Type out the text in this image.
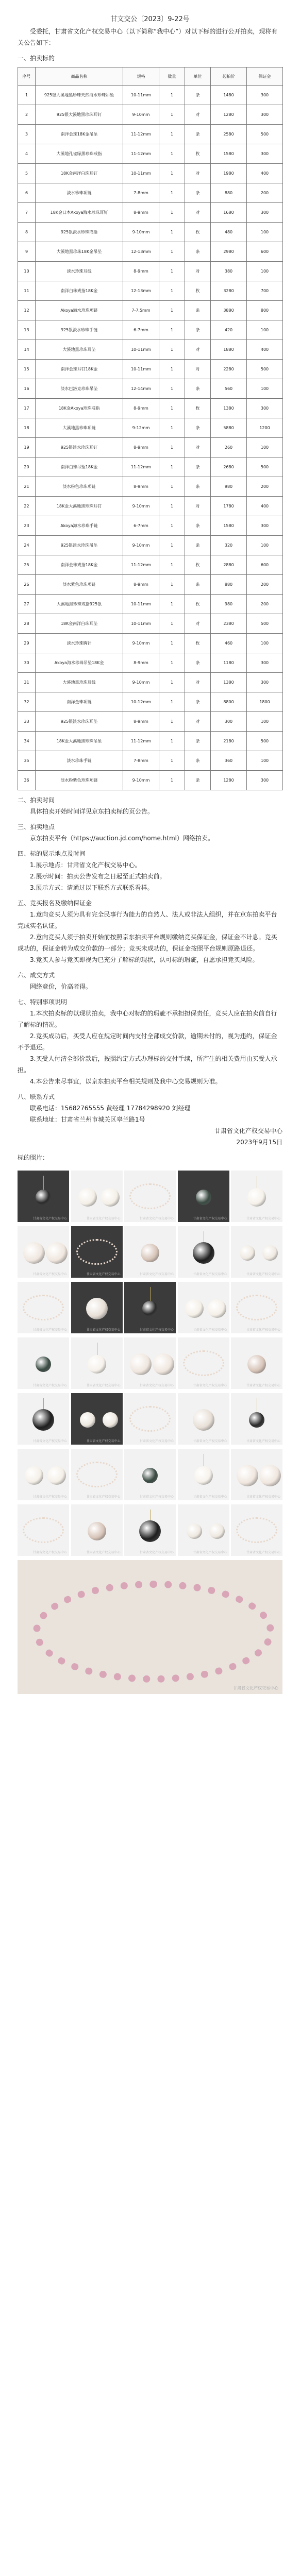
甘文交公〔2023〕9-22号
受委托，甘肃省文化产权交易中心（以下简称“我中心”）对以下标的进行公开拍卖，现将有关公告如下：
一、拍卖标的
序号	商品名称	规格	数量	单位	起拍价	保证金
1	925银大溪地黑珍珠天然海水珍珠吊坠	10-11mm	1	条	1480	300
2	925银大溪地黑珍珠耳钉	9-10mm	1	对	1280	300
3	南洋金珠18K金吊坠	11-12mm	1	条	2580	500
4	大溪地孔雀绿黑珍珠戒指	11-12mm	1	枚	1580	300
5	18K金南洋白珠耳钉	10-11mm	1	对	1980	400
6	淡水珍珠项链	7-8mm	1	条	880	200
7	18K金日本Akoya海水珍珠耳钉	8-9mm	1	对	1680	300
8	925银淡水珍珠戒指	9-10mm	1	枚	480	100
9	大溪地黑珍珠18K金吊坠	12-13mm	1	条	2980	600
10	淡水珍珠耳线	8-9mm	1	对	380	100
11	南洋白珠戒指18K金	12-13mm	1	枚	3280	700
12	Akoya海水珍珠项链	7-7.5mm	1	条	3880	800
13	925银淡水珍珠手链	6-7mm	1	条	420	100
14	大溪地黑珍珠耳坠	10-11mm	1	对	1880	400
15	南洋金珠耳钉18K金	10-11mm	1	对	2280	500
16	淡水巴洛克珍珠吊坠	12-14mm	1	条	560	100
17	18K金Akoya珍珠戒指	8-9mm	1	枚	1380	300
18	大溪地黑珍珠项链	9-12mm	1	条	5880	1200
19	925银淡水珍珠耳钉	8-9mm	1	对	260	100
20	南洋白珠吊坠18K金	11-12mm	1	条	2680	500
21	淡水粉色珍珠项链	8-9mm	1	条	980	200
22	18K金大溪地黑珍珠耳钉	9-10mm	1	对	1780	400
23	Akoya海水珍珠手链	6-7mm	1	条	1580	300
24	925银淡水珍珠吊坠	9-10mm	1	条	320	100
25	南洋金珠戒指18K金	11-12mm	1	枚	2880	600
26	淡水紫色珍珠项链	8-9mm	1	条	880	200
27	大溪地黑珍珠戒指925银	10-11mm	1	枚	980	200
28	18K金南洋白珠耳坠	10-11mm	1	对	2380	500
29	淡水珍珠胸针	9-10mm	1	枚	460	100
30	Akoya海水珍珠吊坠18K金	8-9mm	1	条	1180	300
31	大溪地黑珍珠耳线	9-10mm	1	对	1380	300
32	南洋金珠项链	10-12mm	1	条	8800	1800
33	925银淡水珍珠耳坠	8-9mm	1	对	300	100
34	18K金大溪地黑珍珠吊坠	11-12mm	1	条	2180	500
35	淡水珍珠手链	7-8mm	1	条	360	100
36	淡水粉紫色珍珠项链	9-10mm	1	条	1280	300
二、拍卖时间
具体拍卖开始时间详见京东拍卖标的页公告。
三、拍卖地点
京东拍卖平台（https://auction.jd.com/home.html）网络拍卖。
四、标的展示地点及时间
1.展示地点：甘肃省文化产权交易中心。
2.展示时间：拍卖公告发布之日起至正式拍卖前。
3.展示方式：请通过以下联系方式联系看样。
五、竞买报名及缴纳保证金
1.意向竞买人须为具有完全民事行为能力的自然人、法人或非法人组织，并在京东拍卖平台完成实名认证。
2.意向竞买人须于拍卖开始前按照京东拍卖平台规则缴纳竞买保证金，保证金不计息。竞买成功的，保证金转为成交价款的一部分；竞买未成功的，保证金按照平台规则原路退还。
3.竞买人参与竞买即视为已充分了解标的现状，认可标的瑕疵，自愿承担竞买风险。
六、成交方式
网络竞价，价高者得。
七、特别事项说明
1.本次拍卖标的以现状拍卖，我中心对标的的瑕疵不承担担保责任，竞买人应在拍卖前自行了解标的情况。
2.竞买成功后，买受人应在规定时间内支付全部成交价款，逾期未付的，视为违约，保证金不予退还。
3.买受人付清全部价款后，按照约定方式办理标的交付手续，所产生的相关费用由买受人承担。
4.本公告未尽事宜，以京东拍卖平台相关规则及我中心交易规则为准。
八、联系方式
联系电话：15682765555 黄经理 17784298920 刘经理
联系地址：甘肃省兰州市城关区皋兰路1号
甘肃省文化产权交易中心
2023年9月15日
标的照片：
甘肃省文化产权交易中心	甘肃省文化产权交易中心	甘肃省文化产权交易中心	甘肃省文化产权交易中心	甘肃省文化产权交易中心
甘肃省文化产权交易中心	甘肃省文化产权交易中心	甘肃省文化产权交易中心	甘肃省文化产权交易中心	甘肃省文化产权交易中心
甘肃省文化产权交易中心	甘肃省文化产权交易中心	甘肃省文化产权交易中心	甘肃省文化产权交易中心	甘肃省文化产权交易中心
甘肃省文化产权交易中心	甘肃省文化产权交易中心	甘肃省文化产权交易中心	甘肃省文化产权交易中心	甘肃省文化产权交易中心
甘肃省文化产权交易中心	甘肃省文化产权交易中心	甘肃省文化产权交易中心	甘肃省文化产权交易中心	甘肃省文化产权交易中心
甘肃省文化产权交易中心	甘肃省文化产权交易中心	甘肃省文化产权交易中心	甘肃省文化产权交易中心	甘肃省文化产权交易中心
甘肃省文化产权交易中心	甘肃省文化产权交易中心	甘肃省文化产权交易中心	甘肃省文化产权交易中心	甘肃省文化产权交易中心
甘肃省文化产权交易中心
